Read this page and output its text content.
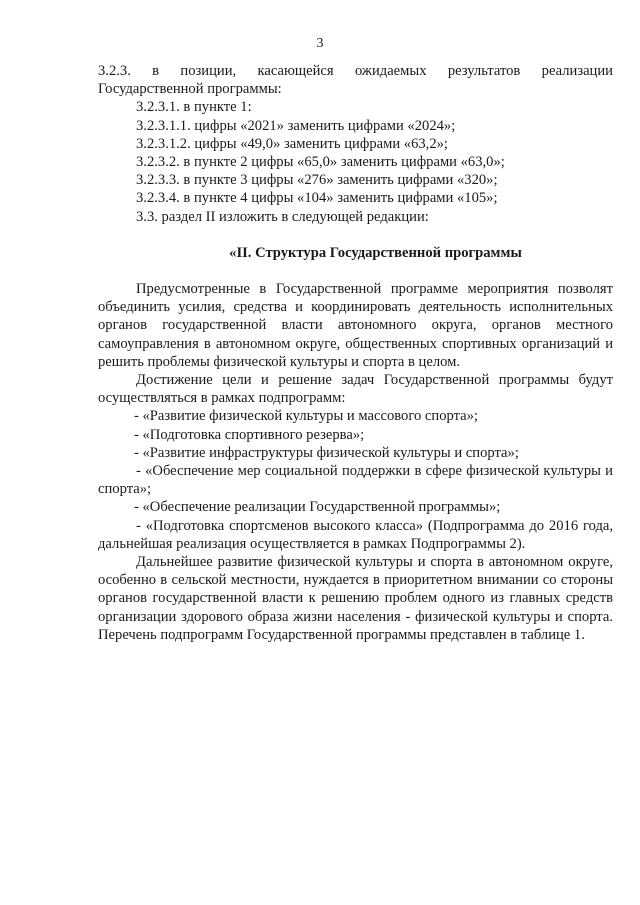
3

3.2.3. в позиции, касающейся ожидаемых результатов реализации

Государственной программы:

3.2.3.1. в пункте 1:

3.2.3.1.1. цифры «2021» заменить цифрами «2024»;

3.2.3.1.2. цифры «49,0» заменить цифрами «63,2»;

3.2.3.2. в пункте 2 цифры «65,0» заменить цифрами «63,0»;

3.2.3.3. в пункте 3 цифры «276» заменить цифрами «320»;

3.2.3.4. в пункте 4 цифры «104» заменить цифрами «105»;

3.3. раздел II изложить в следующей редакции:

«II. Структура Государственной программы

Предусмотренные в Государственной программе мероприятия позволят объединить усилия, средства и координировать деятельность исполнительных органов государственной власти автономного округа, органов местного самоуправления в автономном округе, общественных спортивных организаций и решить проблемы физической культуры и спорта в целом.

Достижение цели и решение задач Государственной программы будут осуществляться в рамках подпрограмм:

- «Развитие физической культуры и массового спорта»;

- «Подготовка спортивного резерва»;

- «Развитие инфраструктуры физической культуры и спорта»;

- «Обеспечение мер социальной поддержки в сфере физической культуры и спорта»;

- «Обеспечение реализации Государственной программы»;

- «Подготовка спортсменов высокого класса» (Подпрограмма до 2016 года, дальнейшая реализация осуществляется в рамках Подпрограммы 2).

Дальнейшее развитие физической культуры и спорта в автономном округе, особенно в сельской местности, нуждается в приоритетном внимании со стороны органов государственной власти к решению проблем одного из главных средств организации здорового образа жизни населения - физической культуры и спорта. Перечень подпрограмм Государственной программы представлен в таблице 1.
